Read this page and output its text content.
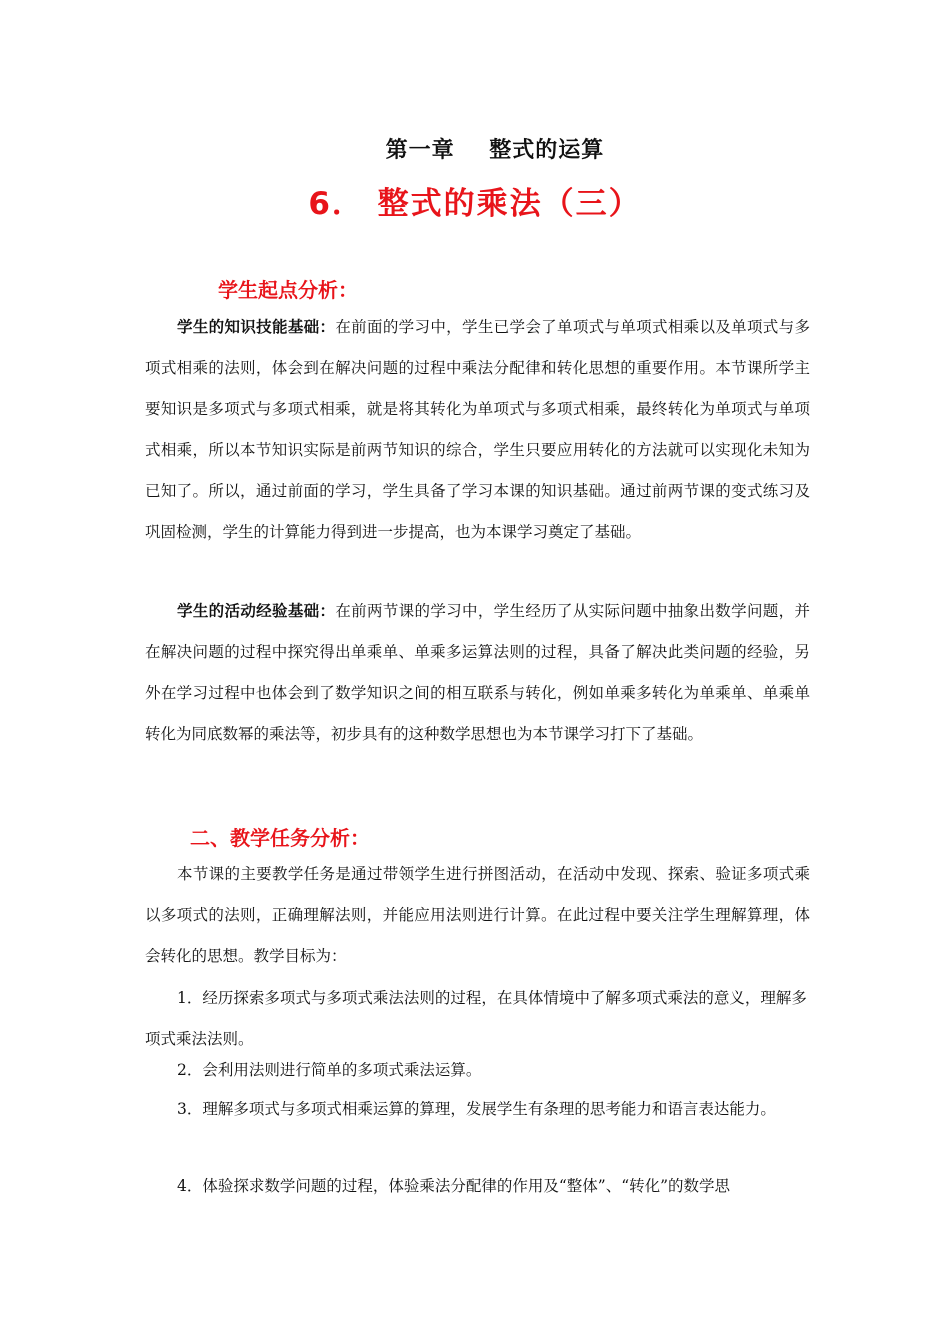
第一章    整式的运算
6． 整式的乘法（三）
学生起点分析：

学生的知识技能基础：在前面的学习中，学生已学会了单项式与单项式相乘以及单项式与多项式相乘的法则，体会到在解决问题的过程中乘法分配律和转化思想的重要作用。本节课所学主要知识是多项式与多项式相乘，就是将其转化为单项式与多项式相乘，最终转化为单项式与单项式相乘，所以本节知识实际是前两节知识的综合，学生只要应用转化的方法就可以实现化未知为已知了。所以，通过前面的学习，学生具备了学习本课的知识基础。通过前两节课的变式练习及巩固检测，学生的计算能力得到进一步提高，也为本课学习奠定了基础。

学生的活动经验基础：在前两节课的学习中，学生经历了从实际问题中抽象出数学问题，并在解决问题的过程中探究得出单乘单、单乘多运算法则的过程，具备了解决此类问题的经验，另外在学习过程中也体会到了数学知识之间的相互联系与转化，例如单乘多转化为单乘单、单乘单转化为同底数幂的乘法等，初步具有的这种数学思想也为本节课学习打下了基础。

二、教学任务分析：

本节课的主要教学任务是通过带领学生进行拼图活动，在活动中发现、探索、验证多项式乘以多项式的法则，正确理解法则，并能应用法则进行计算。在此过程中要关注学生理解算理，体会转化的思想。教学目标为：

1．经历探索多项式与多项式乘法法则的过程，在具体情境中了解多项式乘法的意义，理解多项式乘法法则。

2．会利用法则进行简单的多项式乘法运算。

3．理解多项式与多项式相乘运算的算理，发展学生有条理的思考能力和语言表达能力。

4．体验探求数学问题的过程，体验乘法分配律的作用及“整体”、“转化”的数学思
